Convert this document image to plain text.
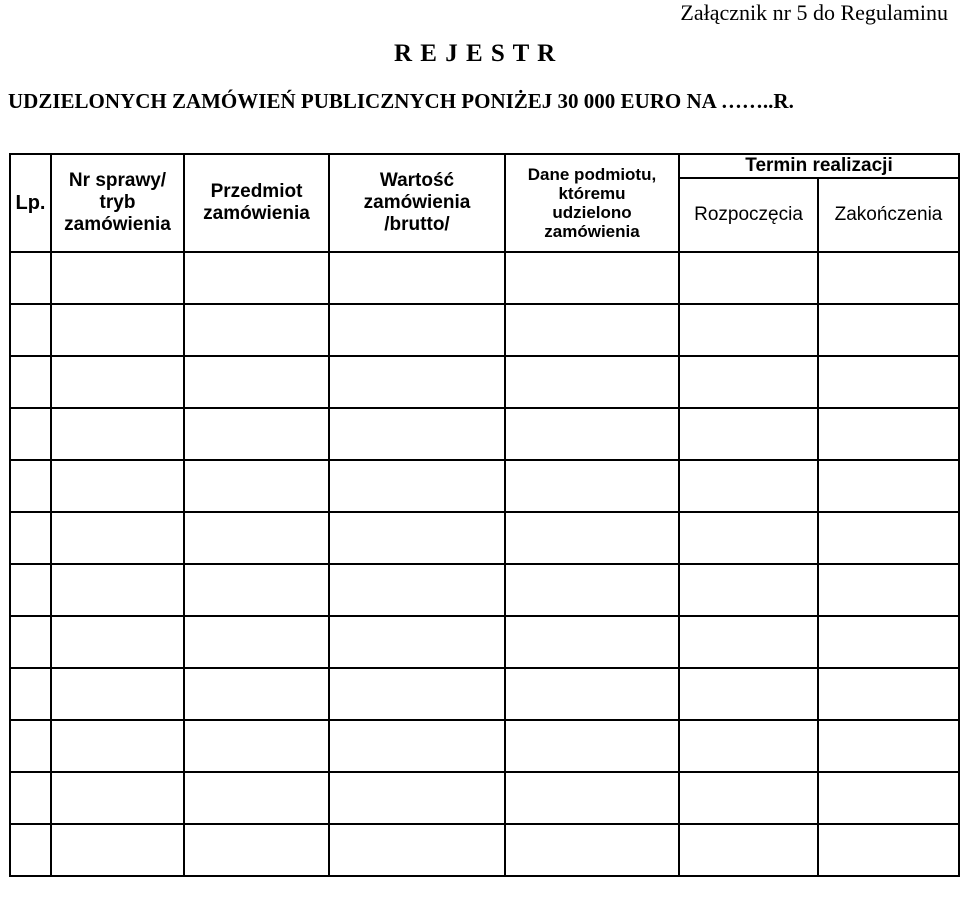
Załącznik nr 5 do Regulaminu
R E J E S T R
UDZIELONYCH ZAMÓWIEŃ PUBLICZNYCH PONIŻEJ 30 000 EURO NA ……..R.
Lp.	Nr sprawy/
tryb
zamówienia	Przedmiot
zamówienia	Wartość
zamówienia
/brutto/	Dane podmiotu,
któremu
udzielono
zamówienia	Termin realizacji	
					Rozpoczęcia	Zakończenia
